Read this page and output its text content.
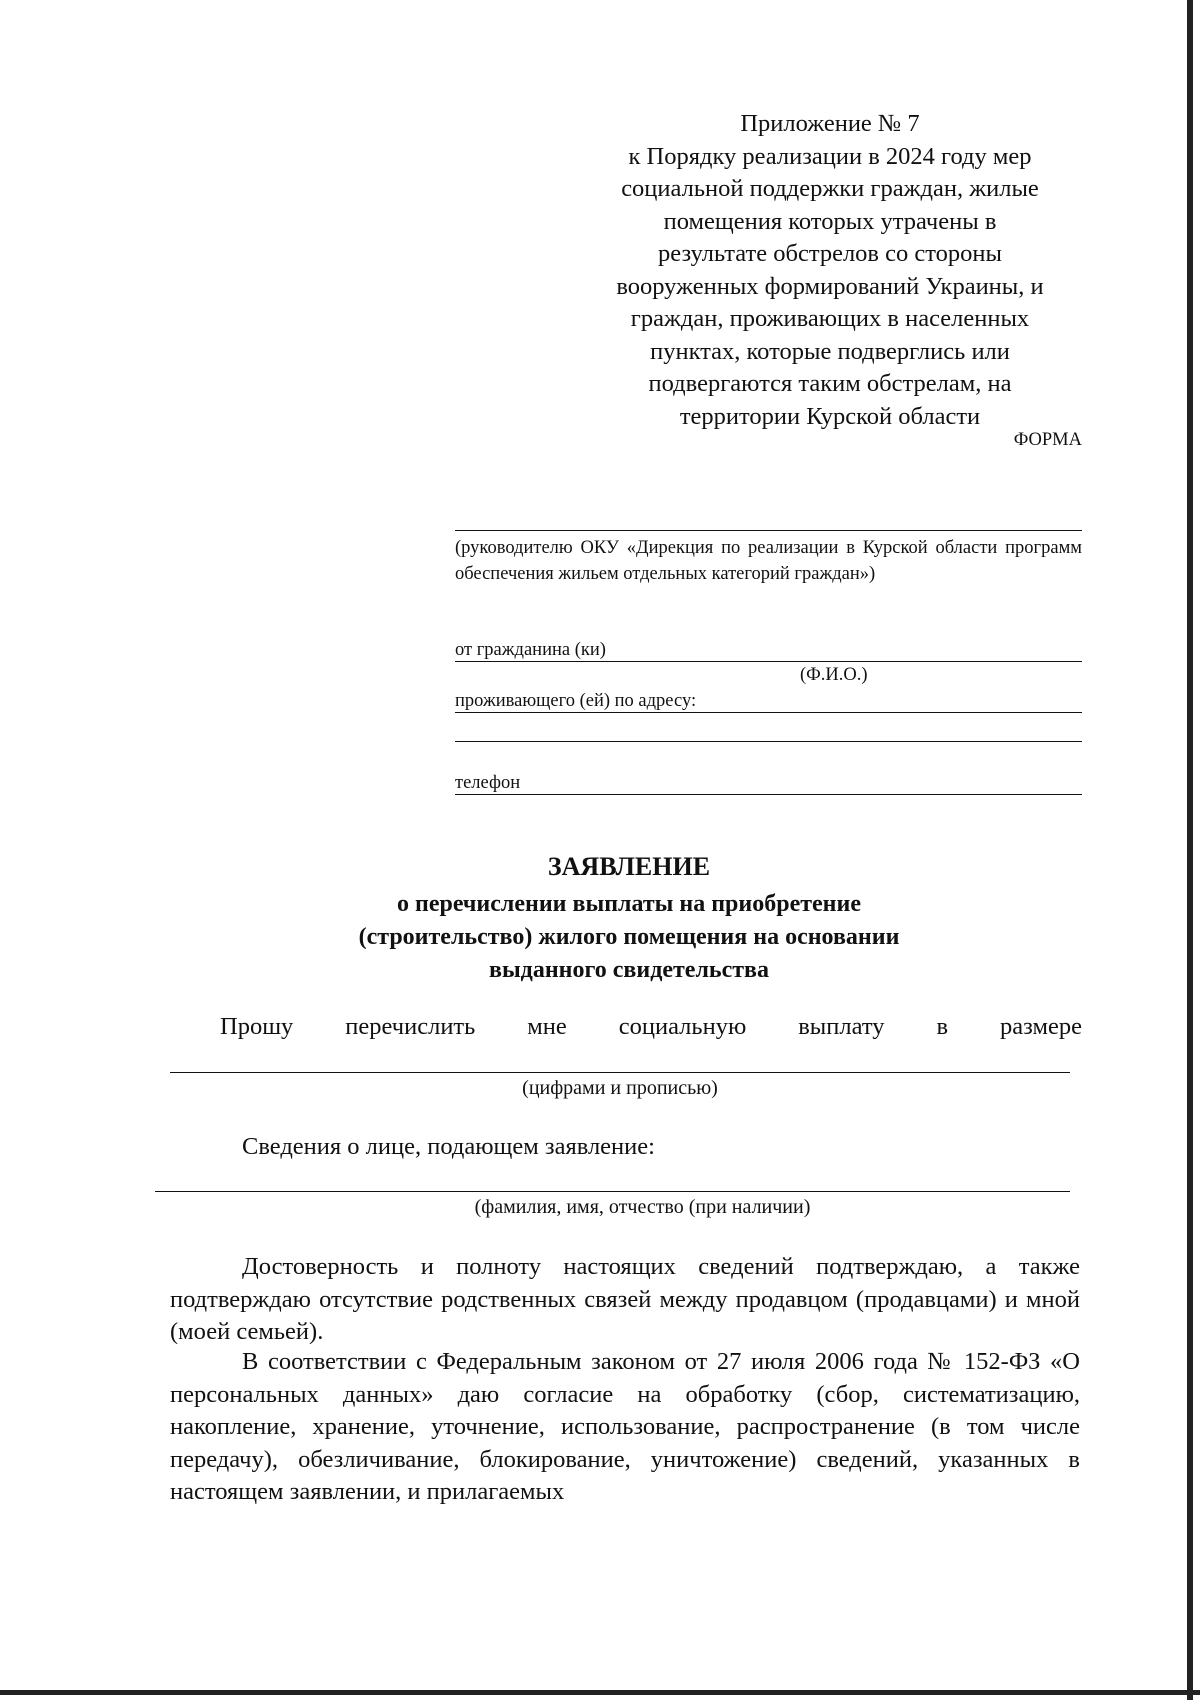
Приложение № 7
к Порядку реализации в 2024 году мер
социальной поддержки граждан, жилые
помещения которых утрачены в
результате обстрелов со стороны
вооруженных формирований Украины, и
граждан, проживающих в населенных
пунктах, которые подверглись или
подвергаются таким обстрелам, на
территории Курской области
ФОРМА
(руководителю ОКУ «Дирекция по реализации в Курской области программ обеспечения жильем отдельных категорий граждан»)
от гражданина (ки)
(Ф.И.О.)
проживающего (ей) по адресу:
телефон
ЗАЯВЛЕНИЕ
о перечислении выплаты на приобретение
(строительство) жилого помещения на основании
выданного свидетельства
Прошу перечислить мне социальную выплату в размере
(цифрами и прописью)
Сведения о лице, подающем заявление:
(фамилия, имя, отчество (при наличии)

Достоверность и полноту настоящих сведений подтверждаю, а также подтверждаю отсутствие родственных связей между продавцом (продавцами) и мной (моей семьей).

В соответствии с Федеральным законом от 27 июля 2006 года № 152-ФЗ «О персональных данных» даю согласие на обработку (сбор, систематизацию, накопление, хранение, уточнение, использование, распространение (в том числе передачу), обезличивание, блокирование, уничтожение) сведений, указанных в настоящем заявлении, и прилагаемых
